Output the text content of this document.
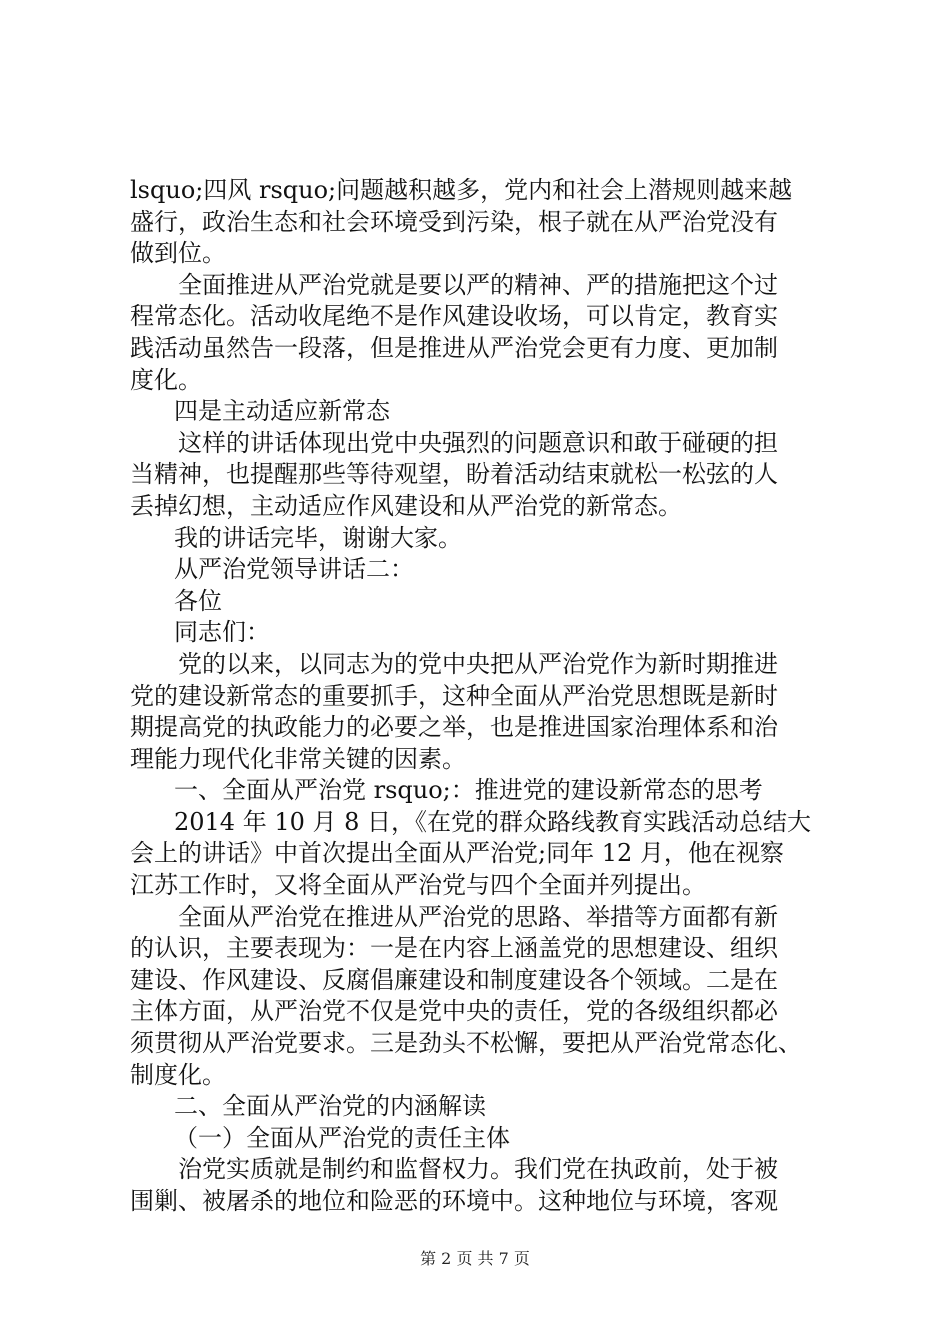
lsquo;四风 rsquo;问题越积越多，党内和社会上潜规则越来越
盛行，政治生态和社会环境受到污染，根子就在从严治党没有
做到位。
全面推进从严治党就是要以严的精神、严的措施把这个过
程常态化。活动收尾绝不是作风建设收场，可以肯定，教育实
践活动虽然告一段落，但是推进从严治党会更有力度、更加制
度化。
四是主动适应新常态
这样的讲话体现出党中央强烈的问题意识和敢于碰硬的担
当精神，也提醒那些等待观望，盼着活动结束就松一松弦的人
丢掉幻想，主动适应作风建设和从严治党的新常态。
我的讲话完毕，谢谢大家。
从严治党领导讲话二：
各位
同志们：
党的以来，以同志为的党中央把从严治党作为新时期推进
党的建设新常态的重要抓手，这种全面从严治党思想既是新时
期提高党的执政能力的必要之举，也是推进国家治理体系和治
理能力现代化非常关键的因素。
一、全面从严治党 rsquo;：推进党的建设新常态的思考
2014 年 10 月 8 日，《在党的群众路线教育实践活动总结大
会上的讲话》中首次提出全面从严治党;同年 12 月，他在视察
江苏工作时，又将全面从严治党与四个全面并列提出。
全面从严治党在推进从严治党的思路、举措等方面都有新
的认识，主要表现为：一是在内容上涵盖党的思想建设、组织
建设、作风建设、反腐倡廉建设和制度建设各个领域。二是在
主体方面，从严治党不仅是党中央的责任，党的各级组织都必
须贯彻从严治党要求。三是劲头不松懈，要把从严治党常态化、
制度化。
二、全面从严治党的内涵解读
（一）全面从严治党的责任主体
治党实质就是制约和监督权力。我们党在执政前，处于被
围剿、被屠杀的地位和险恶的环境中。这种地位与环境，客观
第 2 页 共 7 页
